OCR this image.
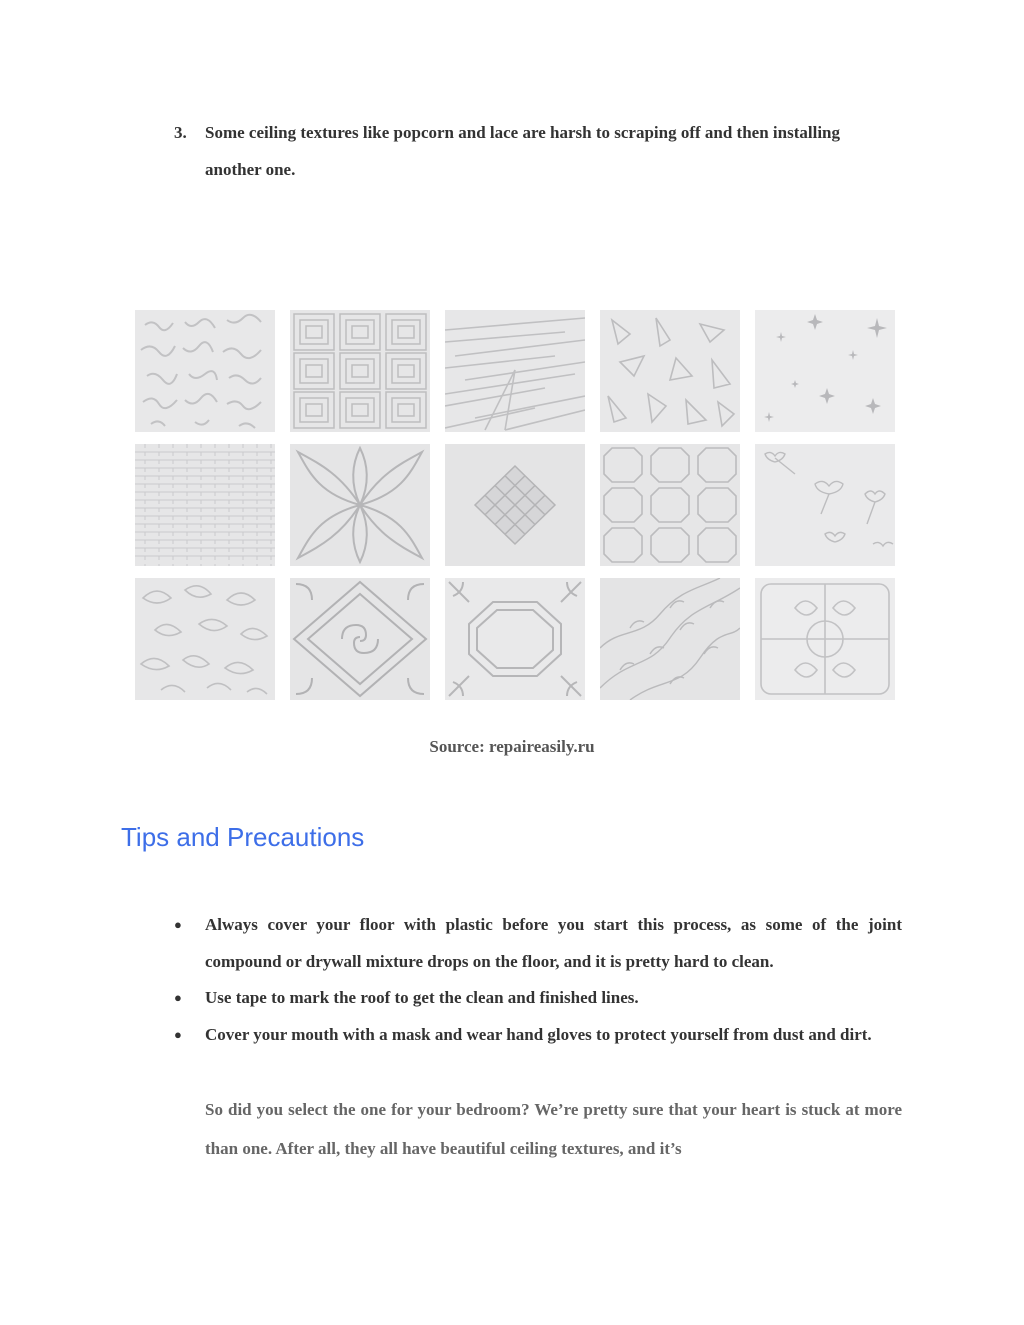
3. Some ceiling textures like popcorn and lace are harsh to scraping off and then installing another one.
Source: repaireasily.ru
Tips and Precautions
● Always cover your floor with plastic before you start this process, as some of the joint compound or drywall mixture drops on the floor, and it is pretty hard to clean.
● Use tape to mark the roof to get the clean and finished lines.
● Cover your mouth with a mask and wear hand gloves to protect yourself from dust and dirt.
So did you select the one for your bedroom? We’re pretty sure that your heart is stuck at more than one. After all, they all have beautiful ceiling textures, and it’s
